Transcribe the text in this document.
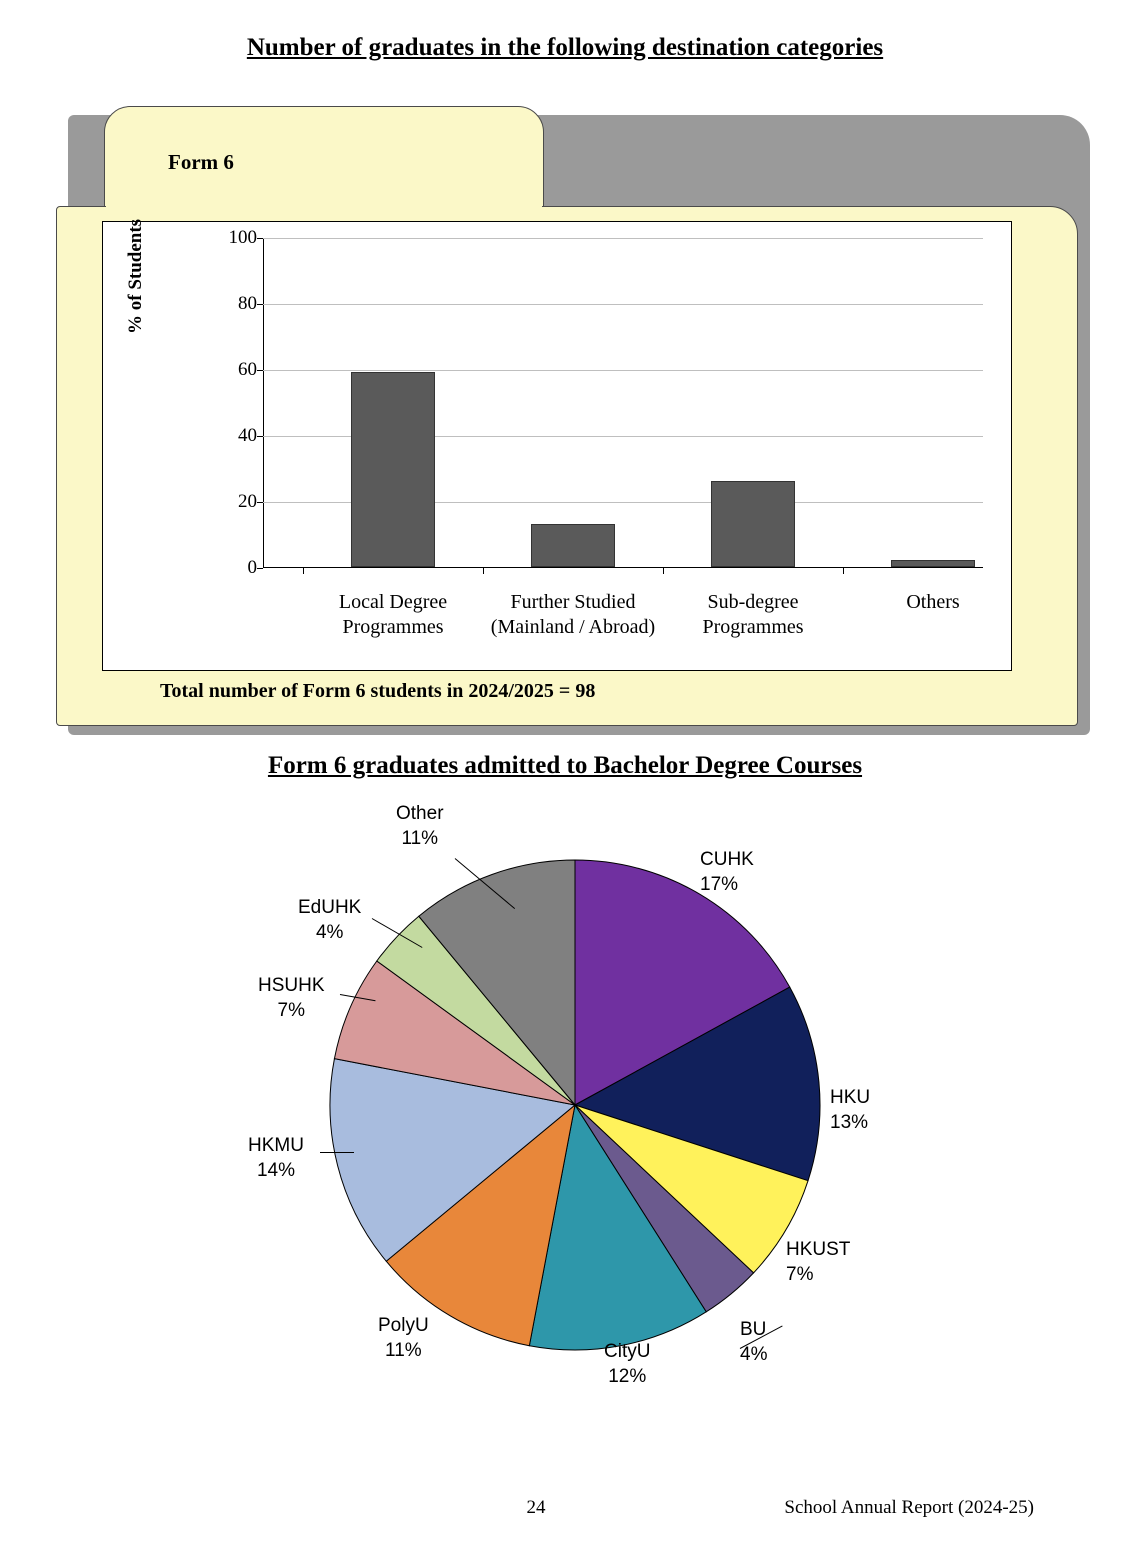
Number of graduates in the following destination categories
Form 6
% of Students	100
80
60
40
20
0
Local Degree Programmes
Further Studied (Mainland / Abroad)
Sub-degree Programmes
Others
Total number of Form 6 students in 2024/2025 = 98
Form 6 graduates admitted to Bachelor Degree Courses
CUHK
17%
HKU
13%
HKUST
7%
BU
4%
CityU
12%
PolyU
11%
HKMU
14%
HSUHK
7%
EdUHK
4%
Other
11%
24	School Annual Report (2024-25)
